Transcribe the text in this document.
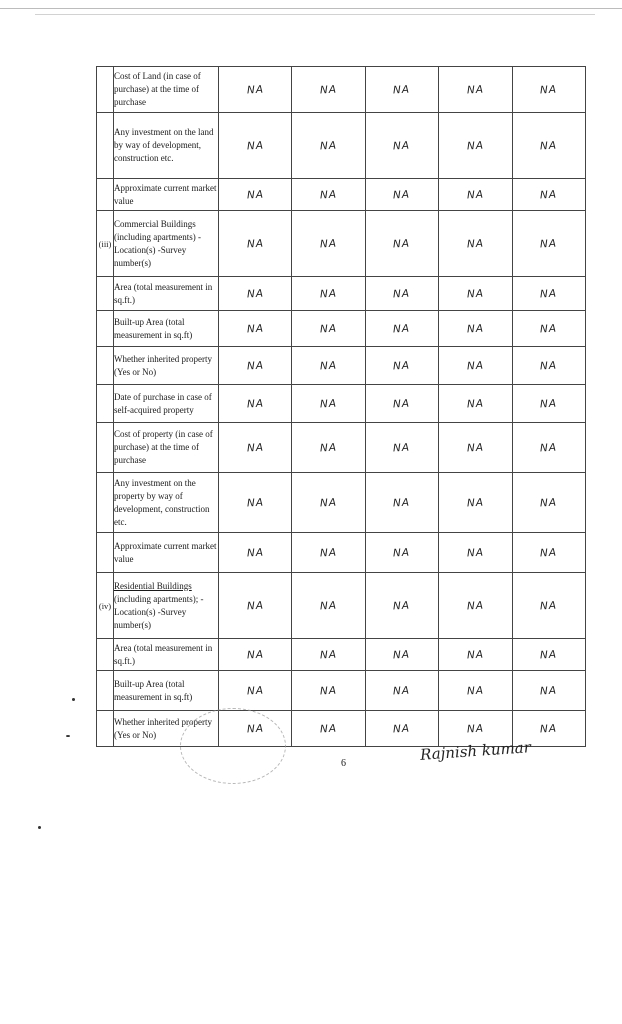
	Cost of Land (in case of purchase) at the time of purchase	NA	NA	NA	NA	NA
	Any investment on the land by way of development, construction etc.	NA	NA	NA	NA	NA
	Approximate current market value	NA	NA	NA	NA	NA
(iii)	Commercial Buildings (including apartments) -Location(s) -Survey number(s)	NA	NA	NA	NA	NA
	Area (total measurement in sq.ft.)	NA	NA	NA	NA	NA
	Built-up Area (total measurement in sq.ft)	NA	NA	NA	NA	NA
	Whether inherited property (Yes or No)	NA	NA	NA	NA	NA
	Date of purchase in case of self-acquired property	NA	NA	NA	NA	NA
	Cost of property (in case of purchase) at the time of purchase	NA	NA	NA	NA	NA
	Any investment on the property by way of development, construction etc.	NA	NA	NA	NA	NA
	Approximate current market value	NA	NA	NA	NA	NA
(iv)	Residential Buildings (including apartments); -Location(s) -Survey number(s)	NA	NA	NA	NA	NA
	Area (total measurement in sq.ft.)	NA	NA	NA	NA	NA
	Built-up Area (total measurement in sq.ft)	NA	NA	NA	NA	NA
	Whether inherited property (Yes or No)	NA	NA	NA	NA	NA
6	Rajnish kumar
